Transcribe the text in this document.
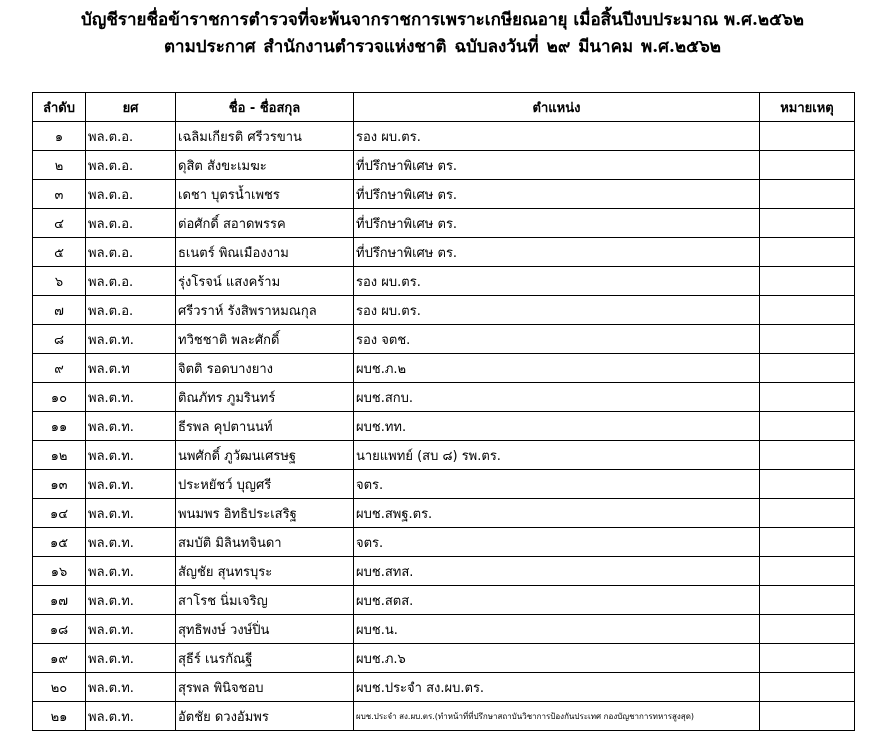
บัญชีรายชื่อข้าราชการตำรวจที่จะพ้นจากราชการเพราะเกษียณอายุ เมื่อสิ้นปีงบประมาณ พ.ศ.๒๕๖๒
ตามประกาศ สำนักงานตำรวจแห่งชาติ ฉบับลงวันที่ ๒๙ มีนาคม พ.ศ.๒๕๖๒
ลำดับ	ยศ	ชื่อ - ชื่อสกุล	ตำแหน่ง	หมายเหตุ
๑	พล.ต.อ.	เฉลิมเกียรติ ศรีวรขาน	รอง ผบ.ตร.	
๒	พล.ต.อ.	ดุสิต สังขะเมฆะ	ที่ปรึกษาพิเศษ ตร.	
๓	พล.ต.อ.	เดชา บุตรน้ำเพชร	ที่ปรึกษาพิเศษ ตร.	
๔	พล.ต.อ.	ต่อศักดิ์ สอาดพรรค	ที่ปรึกษาพิเศษ ตร.	
๕	พล.ต.อ.	ธเนตร์ พิณเมืองงาม	ที่ปรึกษาพิเศษ ตร.	
๖	พล.ต.อ.	รุ่งโรจน์ แสงคร้าม	รอง ผบ.ตร.	
๗	พล.ต.อ.	ศรีวราห์ รังสิพราหมณกุล	รอง ผบ.ตร.	
๘	พล.ต.ท.	ทวิชชาติ พละศักดิ์	รอง จตช.	
๙	พล.ต.ท	จิตติ รอดบางยาง	ผบช.ภ.๒	
๑๐	พล.ต.ท.	ติณภัทร ภูมรินทร์	ผบช.สกบ.	
๑๑	พล.ต.ท.	ธีรพล คุปตานนท์	ผบช.ทท.	
๑๒	พล.ต.ท.	นพศักดิ์ ภูวัฒนเศรษฐ	นายแพทย์ (สบ ๘) รพ.ตร.	
๑๓	พล.ต.ท.	ประหยัชว์ บุญศรี	จตร.	
๑๔	พล.ต.ท.	พนมพร อิทธิประเสริฐ	ผบช.สพฐ.ตร.	
๑๕	พล.ต.ท.	สมบัติ มิลินทจินดา	จตร.	
๑๖	พล.ต.ท.	สัญชัย สุนทรบุระ	ผบช.สทส.	
๑๗	พล.ต.ท.	สาโรช นิ่มเจริญ	ผบช.สตส.	
๑๘	พล.ต.ท.	สุทธิพงษ์ วงษ์ปิ่น	ผบช.น.	
๑๙	พล.ต.ท.	สุธีร์ เนรกัณฐี	ผบช.ภ.๖	
๒๐	พล.ต.ท.	สุรพล พินิจชอบ	ผบช.ประจำ สง.ผบ.ตร.	
๒๑	พล.ต.ท.	อัตชัย ดวงอัมพร	ผบช.ประจำ สง.ผบ.ตร.(ทำหน้าที่ที่ปรึกษาสถาบันวิชาการป้องกันประเทศ กองบัญชาการทหารสูงสุด)	
